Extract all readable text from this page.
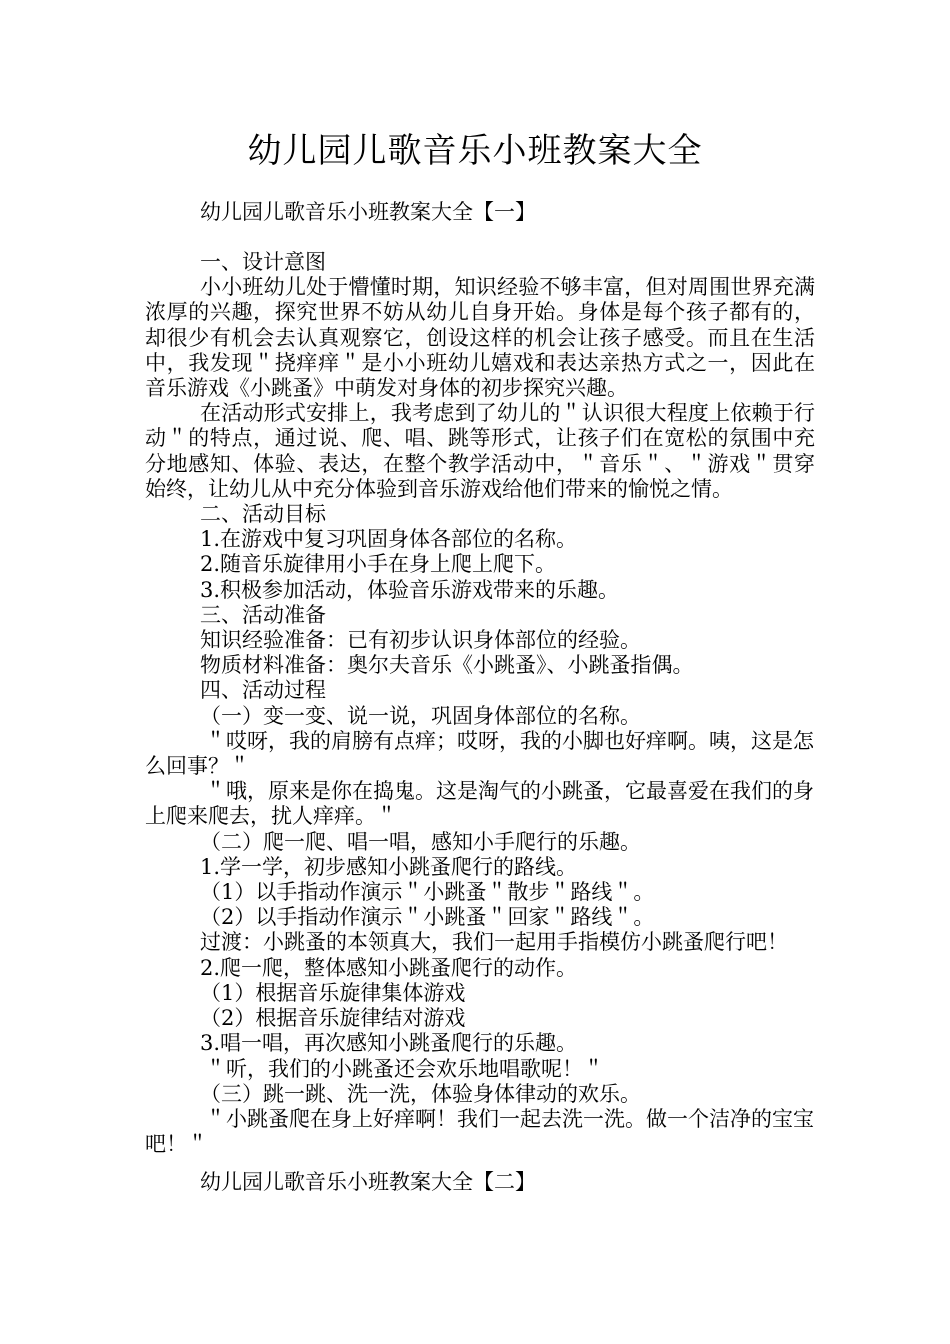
幼儿园儿歌音乐小班教案大全
幼儿园儿歌音乐小班教案大全【一】

一、设计意图

小小班幼儿处于懵懂时期，知识经验不够丰富，但对周围世界充满浓厚的兴趣，探究世界不妨从幼儿自身开始。身体是每个孩子都有的，却很少有机会去认真观察它，创设这样的机会让孩子感受。而且在生活中，我发现＂挠痒痒＂是小小班幼儿嬉戏和表达亲热方式之一，因此在音乐游戏《小跳蚤》中萌发对身体的初步探究兴趣。

在活动形式安排上，我考虑到了幼儿的＂认识很大程度上依赖于行动＂的特点，通过说、爬、唱、跳等形式，让孩子们在宽松的氛围中充分地感知、体验、表达，在整个教学活动中，＂音乐＂、＂游戏＂贯穿始终，让幼儿从中充分体验到音乐游戏给他们带来的愉悦之情。

二、活动目标

1.在游戏中复习巩固身体各部位的名称。

2.随音乐旋律用小手在身上爬上爬下。

3.积极参加活动，体验音乐游戏带来的乐趣。

三、活动准备

知识经验准备：已有初步认识身体部位的经验。

物质材料准备：奥尔夫音乐《小跳蚤》、小跳蚤指偶。

四、活动过程

（一）变一变、说一说，巩固身体部位的名称。

＂哎呀，我的肩膀有点痒；哎呀，我的小脚也好痒啊。咦，这是怎么回事？＂

＂哦，原来是你在捣鬼。这是淘气的小跳蚤，它最喜爱在我们的身上爬来爬去，扰人痒痒。＂

（二）爬一爬、唱一唱，感知小手爬行的乐趣。

1.学一学，初步感知小跳蚤爬行的路线。

（1）以手指动作演示＂小跳蚤＂散步＂路线＂。

（2）以手指动作演示＂小跳蚤＂回家＂路线＂。

过渡：小跳蚤的本领真大，我们一起用手指模仿小跳蚤爬行吧！

2.爬一爬，整体感知小跳蚤爬行的动作。

（1）根据音乐旋律集体游戏

（2）根据音乐旋律结对游戏

3.唱一唱，再次感知小跳蚤爬行的乐趣。

＂听，我们的小跳蚤还会欢乐地唱歌呢！＂

（三）跳一跳、洗一洗，体验身体律动的欢乐。

＂小跳蚤爬在身上好痒啊！我们一起去洗一洗。做一个洁净的宝宝吧！＂

幼儿园儿歌音乐小班教案大全【二】
